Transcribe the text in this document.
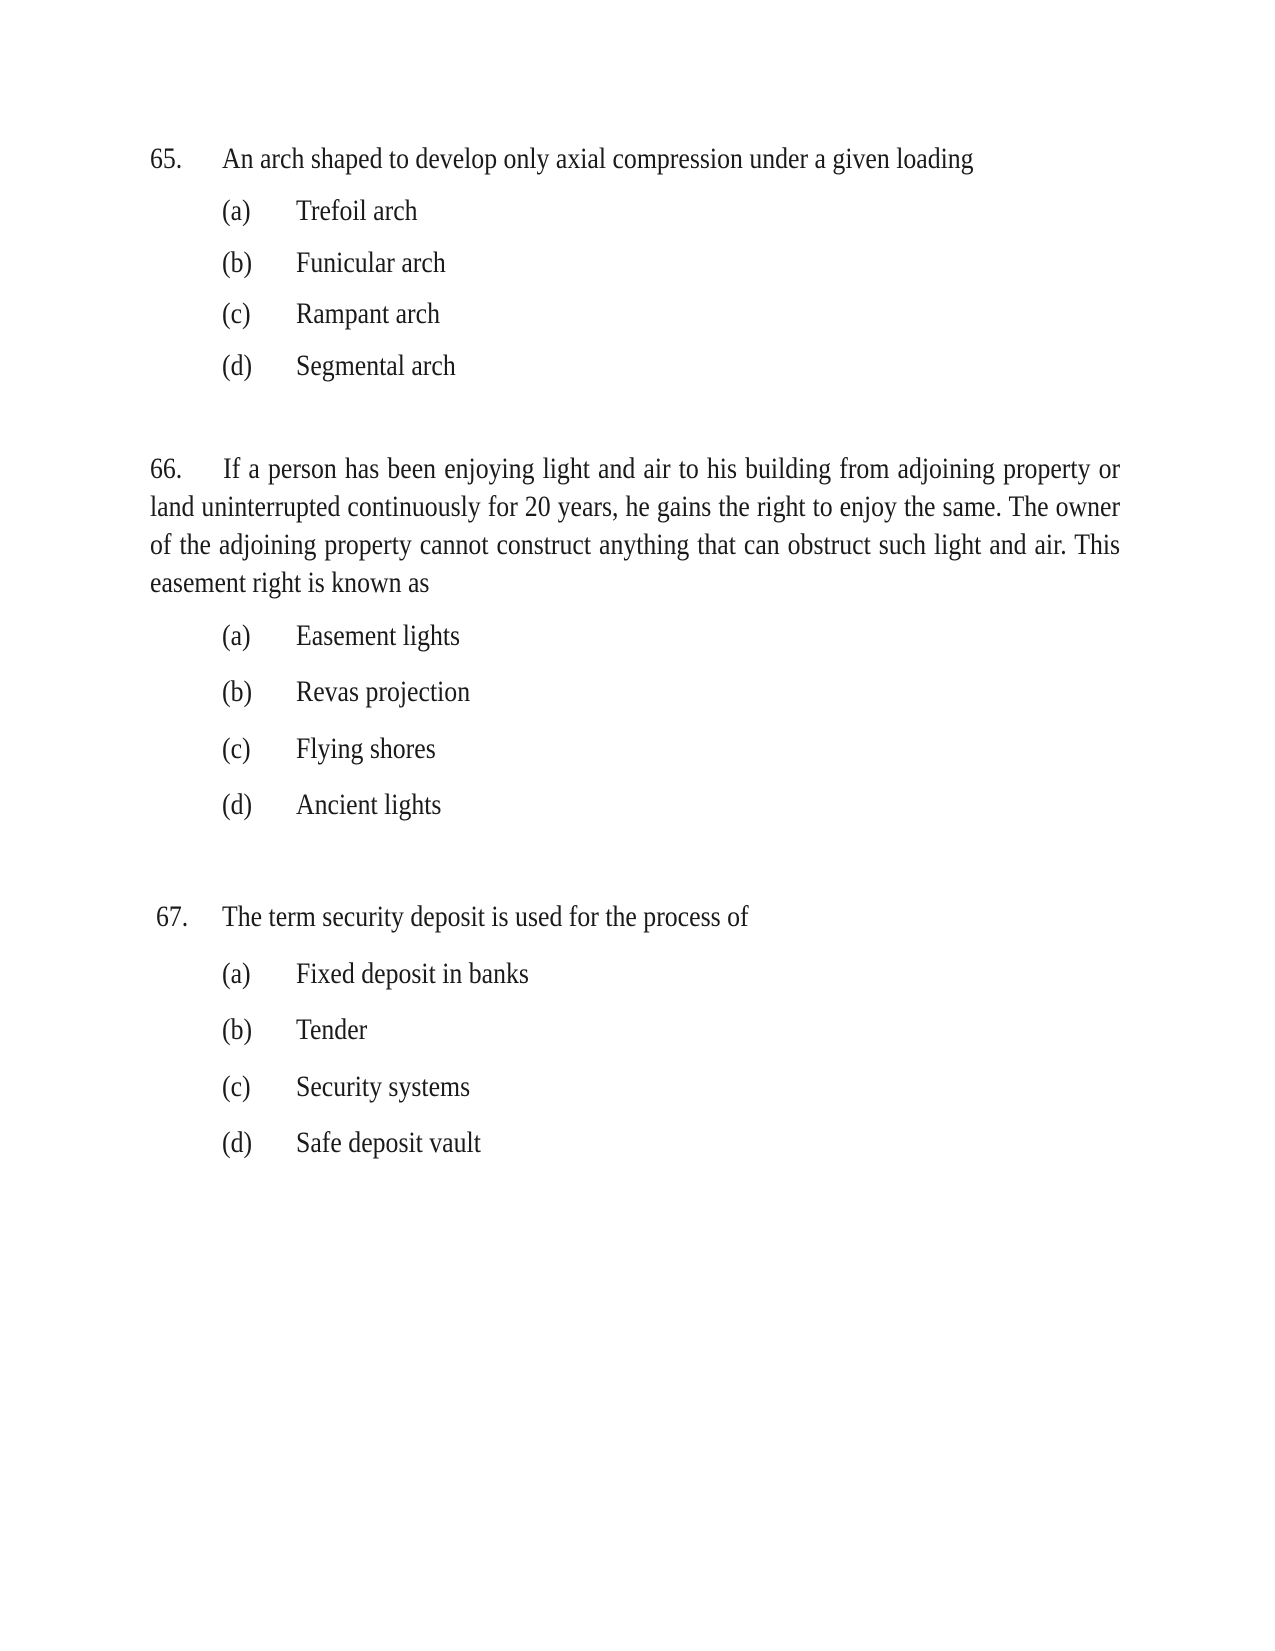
65. An arch shaped to develop only axial compression under a given loading
(a) Trefoil arch
(b) Funicular arch
(c) Rampant arch
(d) Segmental arch
66.	If a person has been enjoying light and air to his building from adjoining property or land uninterrupted continuously for 20 years, he gains the right to enjoy the same. The owner of the adjoining property cannot construct anything that can obstruct such light and air. This easement right is known as
(a) Easement lights
(b) Revas projection
(c) Flying shores
(d) Ancient lights
67. The term security deposit is used for the process of
(a) Fixed deposit in banks
(b) Tender
(c) Security systems
(d) Safe deposit vault
